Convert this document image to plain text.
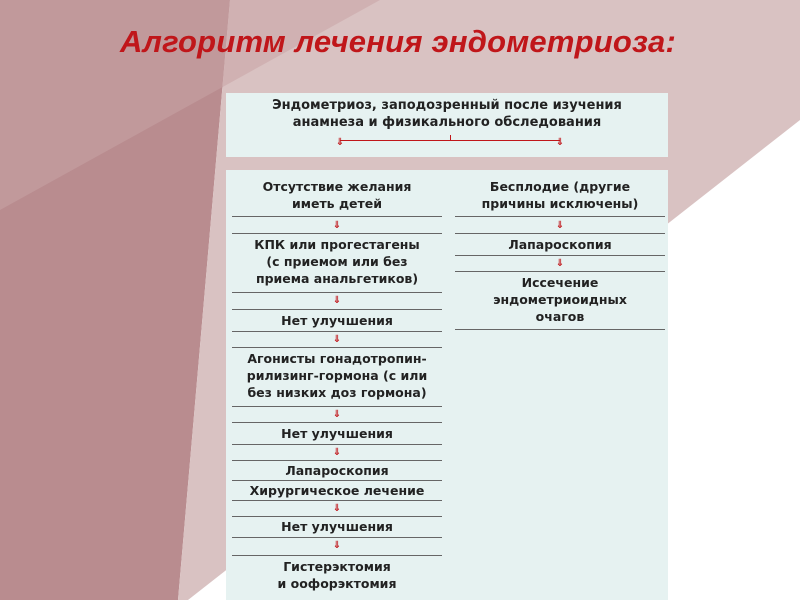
Алгоритм лечения эндометриоза:
Эндометриоз, заподозренный после изучения
анамнеза и физикального обследования
⇓	⇓
Отсутствие желания
иметь детей
⇓
КПК или прогестагены
(с приемом или без
приема анальгетиков)
⇓
Нет улучшения
⇓
Агонисты гонадотропин-
рилизинг-гормона (с или
без низких доз гормона)
⇓
Нет улучшения
⇓
Лапароскопия
Хирургическое лечение
⇓
Нет улучшения
⇓
Гистерэктомия
и оофорэктомия
Бесплодие (другие
причины исключены)
⇓
Лапароскопия
⇓
Иссечение
эндометриоидных
очагов
